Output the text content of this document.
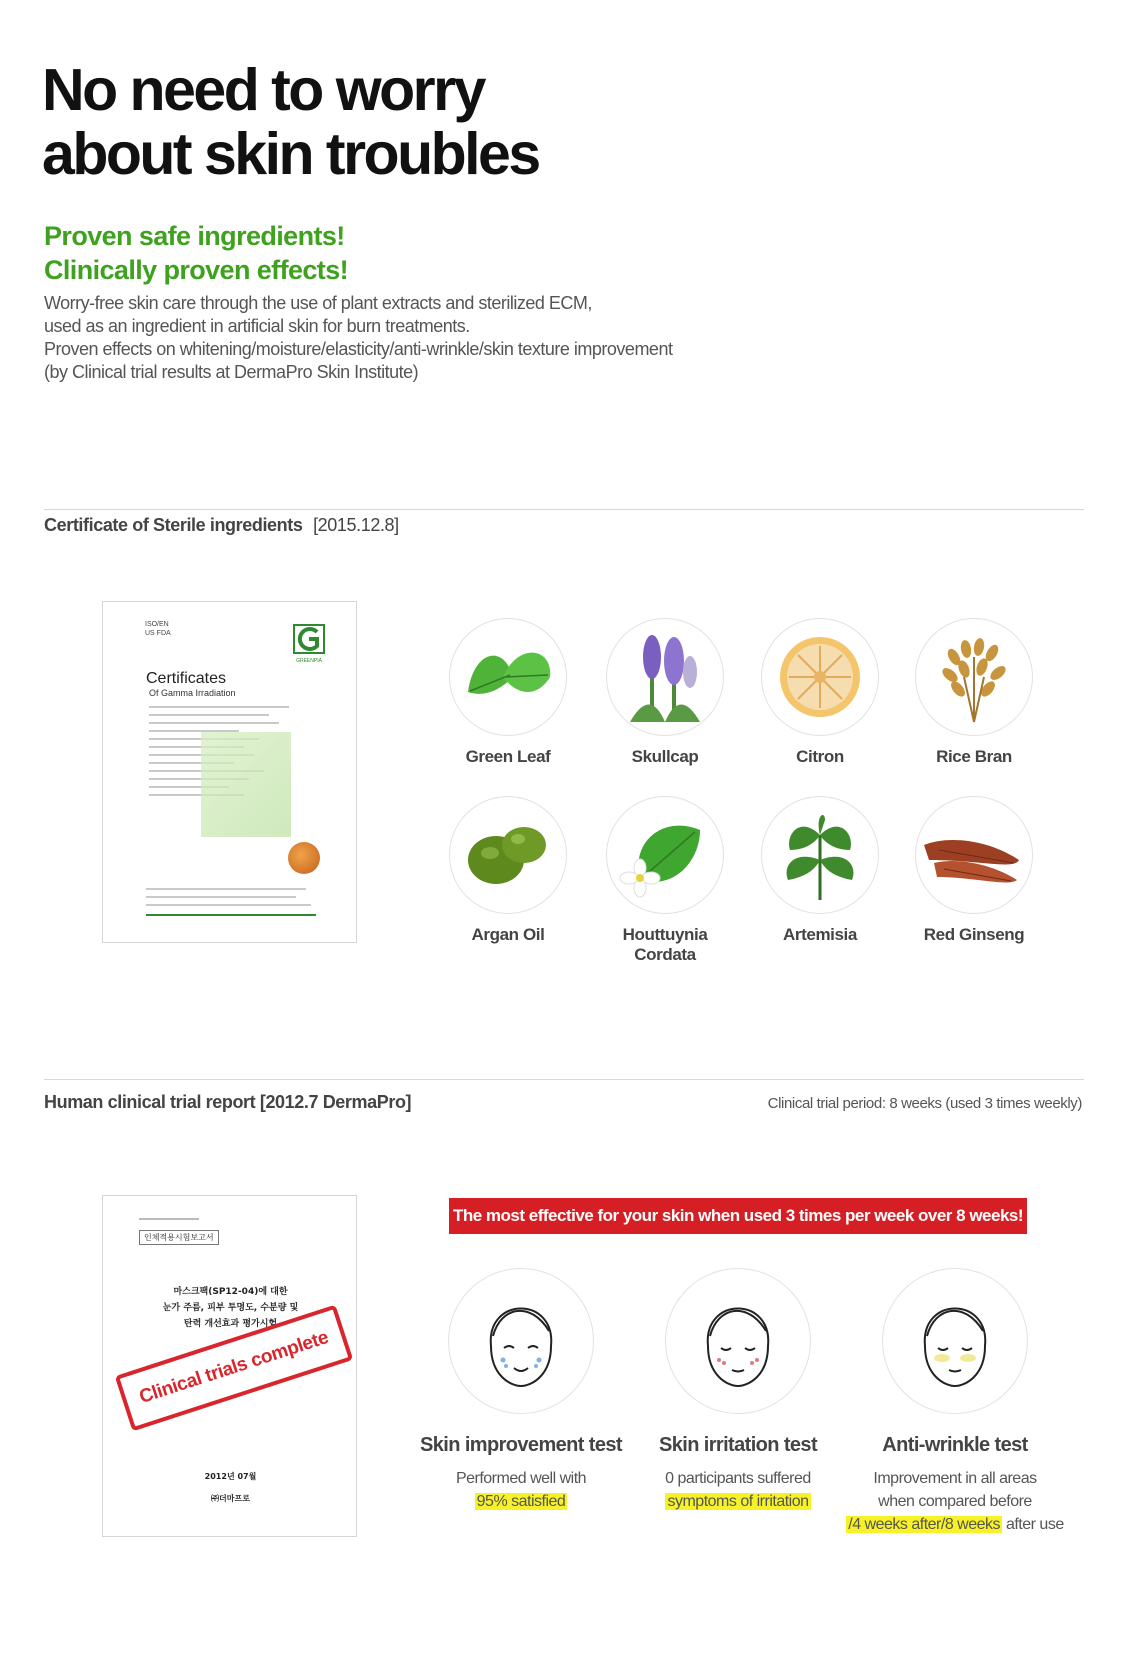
No need to worry
about skin troubles
Proven safe ingredients!
Clinically proven effects!
Worry-free skin care through the use of plant extracts and sterilized ECM,
used as an ingredient in artificial skin for burn treatments.
Proven effects on whitening/moisture/elasticity/anti-wrinkle/skin texture improvement
(by Clinical trial results at DermaPro Skin Institute)
Certificate of Sterile ingredients [2015.12.8]
ISO/EN
US FDA
GREENPIA
Certificates
Of Gamma Irradiation
Green Leaf	Skullcap	Citron	Rice Bran
Argan Oil	Houttuynia Cordata
Artemisia	Red Ginseng
Human clinical trial report [2012.7 DermaPro]	Clinical trial period: 8 weeks (used 3 times weekly)
인체적용시험보고서
마스크팩(SP12-04)에 대한
눈가 주름, 피부 투명도, 수분량 및
탄력 개선효과 평가시험
2012년 07월
㈜더마프로
Clinical trials complete
The most effective for your skin when used 3 times per week over 8 weeks!
Skin improvement test
Performed well with
95% satisfied
Skin irritation test
0 participants suffered
symptoms of irritation
Anti-wrinkle test
Improvement in all areas
when compared before
/4 weeks after/8 weeks after use
